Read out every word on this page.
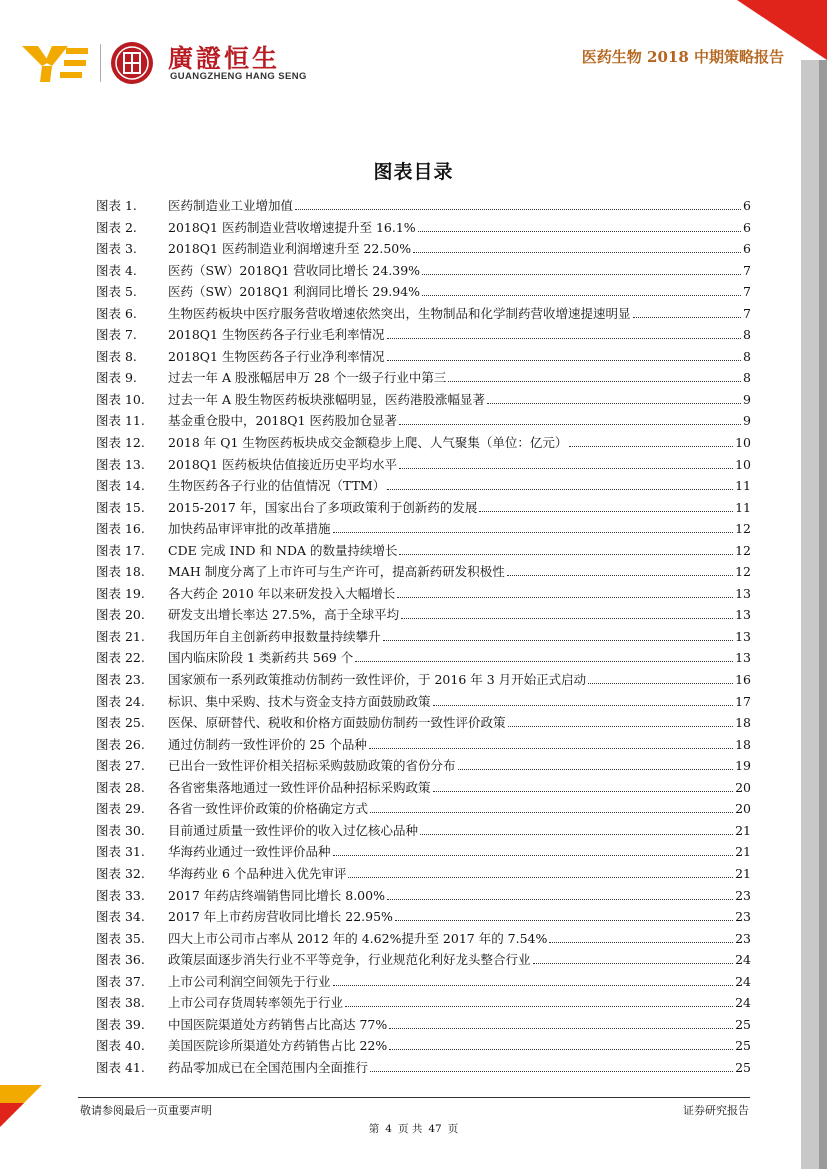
廣證恒生
GUANGZHENG HANG SENG
医药生物 2018 中期策略报告
图表目录
图表 1.	医药制造业工业增加值	6
图表 2.	2018Q1 医药制造业营收增速提升至 16.1%	6
图表 3.	2018Q1 医药制造业利润增速升至 22.50%	6
图表 4.	医药（SW）2018Q1 营收同比增长 24.39%	7
图表 5.	医药（SW）2018Q1 利润同比增长 29.94%	7
图表 6.	生物医药板块中医疗服务营收增速依然突出，生物制品和化学制药营收增速提速明显	7
图表 7.	2018Q1 生物医药各子行业毛利率情况	8
图表 8.	2018Q1 生物医药各子行业净利率情况	8
图表 9.	过去一年 A 股涨幅居申万 28 个一级子行业中第三	8
图表 10.	过去一年 A 股生物医药板块涨幅明显，医药港股涨幅显著	9
图表 11.	基金重仓股中，2018Q1 医药股加仓显著	9
图表 12.	2018 年 Q1 生物医药板块成交金额稳步上爬、人气聚集（单位：亿元）	10
图表 13.	2018Q1 医药板块估值接近历史平均水平	10
图表 14.	生物医药各子行业的估值情况（TTM）	11
图表 15.	2015-2017 年，国家出台了多项政策利于创新药的发展	11
图表 16.	加快药品审评审批的改革措施	12
图表 17.	CDE 完成 IND 和 NDA 的数量持续增长	12
图表 18.	MAH 制度分离了上市许可与生产许可，提高新药研发积极性	12
图表 19.	各大药企 2010 年以来研发投入大幅增长	13
图表 20.	研发支出增长率达 27.5%，高于全球平均	13
图表 21.	我国历年自主创新药申报数量持续攀升	13
图表 22.	国内临床阶段 1 类新药共 569 个	13
图表 23.	国家颁布一系列政策推动仿制药一致性评价，于 2016 年 3 月开始正式启动	16
图表 24.	标识、集中采购、技术与资金支持方面鼓励政策	17
图表 25.	医保、原研替代、税收和价格方面鼓励仿制药一致性评价政策	18
图表 26.	通过仿制药一致性评价的 25 个品种	18
图表 27.	已出台一致性评价相关招标采购鼓励政策的省份分布	19
图表 28.	各省密集落地通过一致性评价品种招标采购政策	20
图表 29.	各省一致性评价政策的价格确定方式	20
图表 30.	目前通过质量一致性评价的收入过亿核心品种	21
图表 31.	华海药业通过一致性评价品种	21
图表 32.	华海药业 6 个品种进入优先审评	21
图表 33.	2017 年药店终端销售同比增长 8.00%	23
图表 34.	2017 年上市药房营收同比增长 22.95%	23
图表 35.	四大上市公司市占率从 2012 年的 4.62%提升至 2017 年的 7.54%	23
图表 36.	政策层面逐步消失行业不平等竞争，行业规范化利好龙头整合行业	24
图表 37.	上市公司利润空间领先于行业	24
图表 38.	上市公司存货周转率领先于行业	24
图表 39.	中国医院渠道处方药销售占比高达 77%	25
图表 40.	美国医院诊所渠道处方药销售占比 22%	25
图表 41.	药品零加成已在全国范围内全面推行	25
敬请参阅最后一页重要声明	证券研究报告
第 4 页 共 47 页
